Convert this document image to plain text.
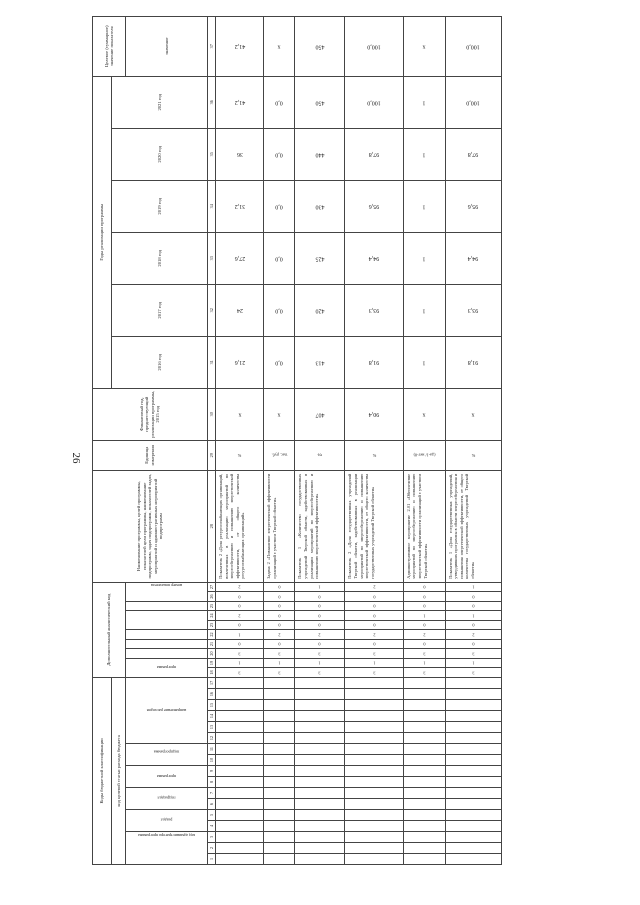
26
Коды бюджетной классификации																	Дополнительный аналитический код										Наименование программы, целей программы, показателей цели программы, наименование подпрограмм, задач подпрограмм, показателей задач, мероприятий и административных мероприятий подпрограмм	Единица измерения	Финансовый год, предшествующий реализации программы, 2015 год	Годы реализации программы						Целевое (суммарное) значение показателя
код целевой статьи расхода бюджета																														2016 год	2017 год	2018 год	2019 год	2020 год	2021 год	
код администратора программы			раздел		подраздел		программа		подпрограмма		направление расходов						программа								номер показателя											значение
1	2	3	4	5	6	7	8	9	10	11	12	13	14	15	16	17	18	19	20	21	22	23	24	25	26	27	28	29	30	31	32	33	34	35	36	37
																	3	1	3	0	1	0	2	0	0	2	Показатель 2 «Доля ресурсоснабжающих организаций, вовлеченных в реализацию мероприятий по энергосбережению и повышению энергетической эффективности, от общего количества ресурсоснабжающих организаций»	%	х	21,6	24	27,6	31,2	36	41,2	41,2
																	3	1	3	0	2	0	0	0	0	0	Задача 2 «Повышение энергетической эффективности организаций с участием Тверской области»	тыс. руб.	х	0,0	0,0	0,0	0,0	0,0	0,0	х
																	3	1	3	0	2	0	0	0	0	1	Показатель 1 «Количество государственных учреждений Тверской области, задействованных в реализации мероприятий по энергосбережению и повышению энергетической эффективности»	ед.	407	413	420	425	430	440	450	450
																	3	1	3	0	2	0	0	0	0	2	Показатель 2 «Доля государственных учреждений Тверской области, задействованных в реализации мероприятий по энергосбережению и повышению энергетической эффективности, от общего количества государственных учреждений Тверской области»	%	90,4	91,8	93,3	94,4	95,6	97,8	100,0	100,0
																	3	1	3	0	2	0	1	0	0	0	Административное мероприятие 2.01 «Обеспечение мероприятий по энергосбережению и повышению энергетической эффективности организаций с участием Тверской области»	(да-1/ нет-0)	х	1	1	1	1	1	1	х
																	3	1	3	0	2	0	1	0	0	1	Показатель 1 «Доля государственных учреждений, утвердивших программы в области энергосбережения и повышения энергетической эффективности, от общего количества государственных учреждений Тверской области»	%	х	91,8	93,3	94,4	95,6	97,8	100,0	100,0
